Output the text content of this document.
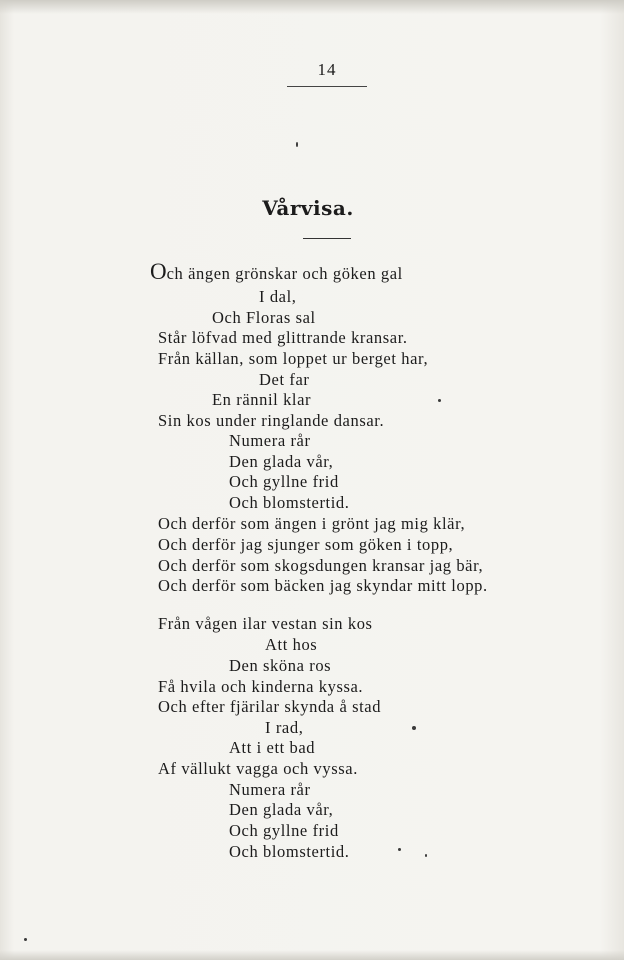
14
Vårvisa.
Och ängen grönskar och göken gal
I dal,
Och Floras sal
Står löfvad med glittrande kransar.
Från källan, som loppet ur berget har,
Det far
En rännil klar
Sin kos under ringlande dansar.
Numera rår
Den glada vår,
Och gyllne frid
Och blomstertid.
Och derför som ängen i grönt jag mig klär,
Och derför jag sjunger som göken i topp,
Och derför som skogsdungen kransar jag bär,
Och derför som bäcken jag skyndar mitt lopp.
Från vågen ilar vestan sin kos
Att hos
Den sköna ros
Få hvila och kinderna kyssa.
Och efter fjärilar skynda å stad
I rad,
Att i ett bad
Af vällukt vagga och vyssa.
Numera rår
Den glada vår,
Och gyllne frid
Och blomstertid.
